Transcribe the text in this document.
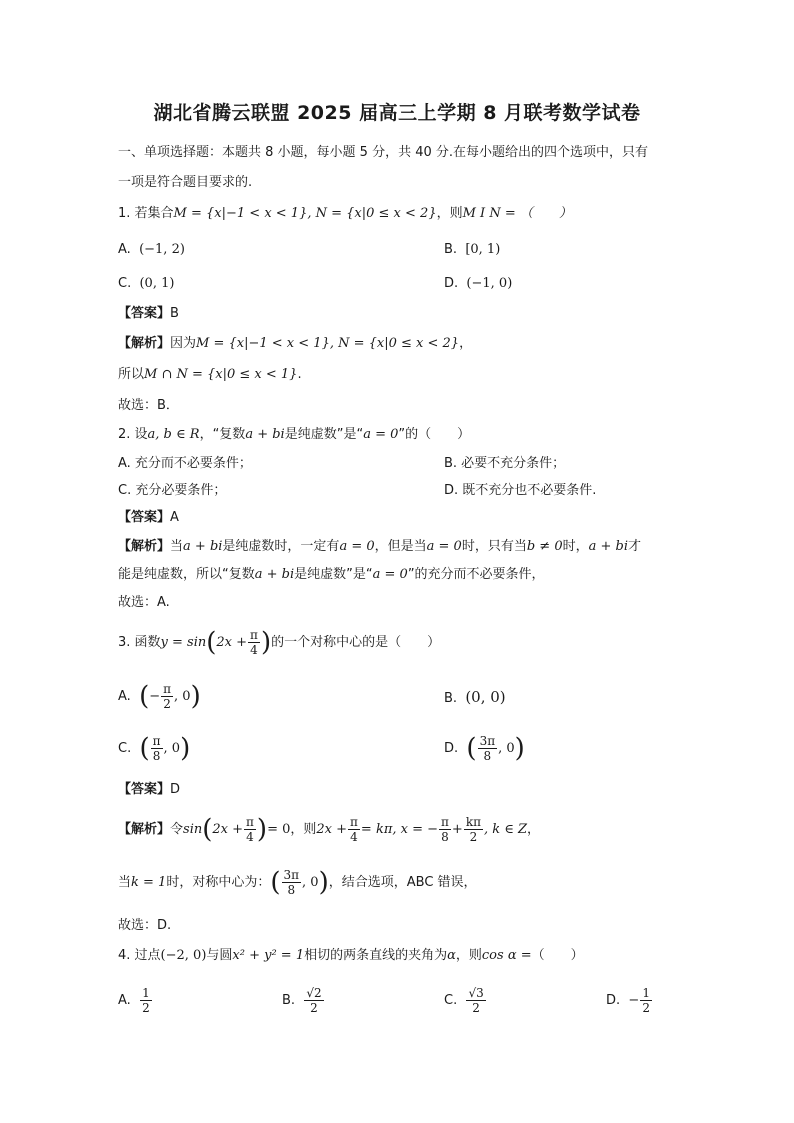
湖北省腾云联盟 2025 届高三上学期 8 月联考数学试卷
一、单项选择题：本题共 8 小题，每小题 5 分，共 40 分.在每小题给出的四个选项中，只有
一项是符合题目要求的.
1. 若集合M = {x|−1 < x < 1}, N = {x|0 ≤ x < 2}，则M I N = （　　）
A.  (−1, 2)	B.  [0, 1)
C.  (0, 1)	D.  (−1, 0)
【答案】B
【解析】因为M = {x|−1 < x < 1}, N = {x|0 ≤ x < 2}，
所以M ∩ N = {x|0 ≤ x < 1}.
故选：B．
2. 设a, b ∈ R，“复数a + bi是纯虚数”是“a = 0”的（　　）
A. 充分而不必要条件；	B. 必要不充分条件；
C. 充分必要条件；	D. 既不充分也不必要条件.
【答案】A
【解析】当a + bi是纯虚数时，一定有a = 0，但是当a = 0时，只有当b ≠ 0时，a + bi才
能是纯虚数，所以“复数a + bi是纯虚数”是“a = 0”的充分而不必要条件，
故选：A.
3. 函数$y = \sin(2x + \frac{\pi}{4}$ )的一个对称中心的是（　　）
A. (− $\frac{\pi}{2}$ , 0)	B. (0, 0)
C. ( $\frac{\pi}{8}$ , 0)	D. ( $\frac{3\pi}{8}$ , 0)
【答案】D
【解析】令$\sin(2x + \frac{\pi}{4}$ )= 0，则$2x + \frac{\pi}{4} = k\pi$, x = − $\frac{\pi}{8} + \frac{k\pi}{2}$ , k ∈ Z，
当k = 1时，对称中心为：( $\frac{3\pi}{8}$ , 0)，结合选项，ABC 错误，
故选：D.
4. 过点(−2, 0)与圆x² + y² = 1相切的两条直线的夹角为α，则cos α =（　　）
A. $\frac{1}{2}$	B. $\frac{√2}{2}$	C. $\frac{√3}{2}$	D. − $\frac{1}{2}$
